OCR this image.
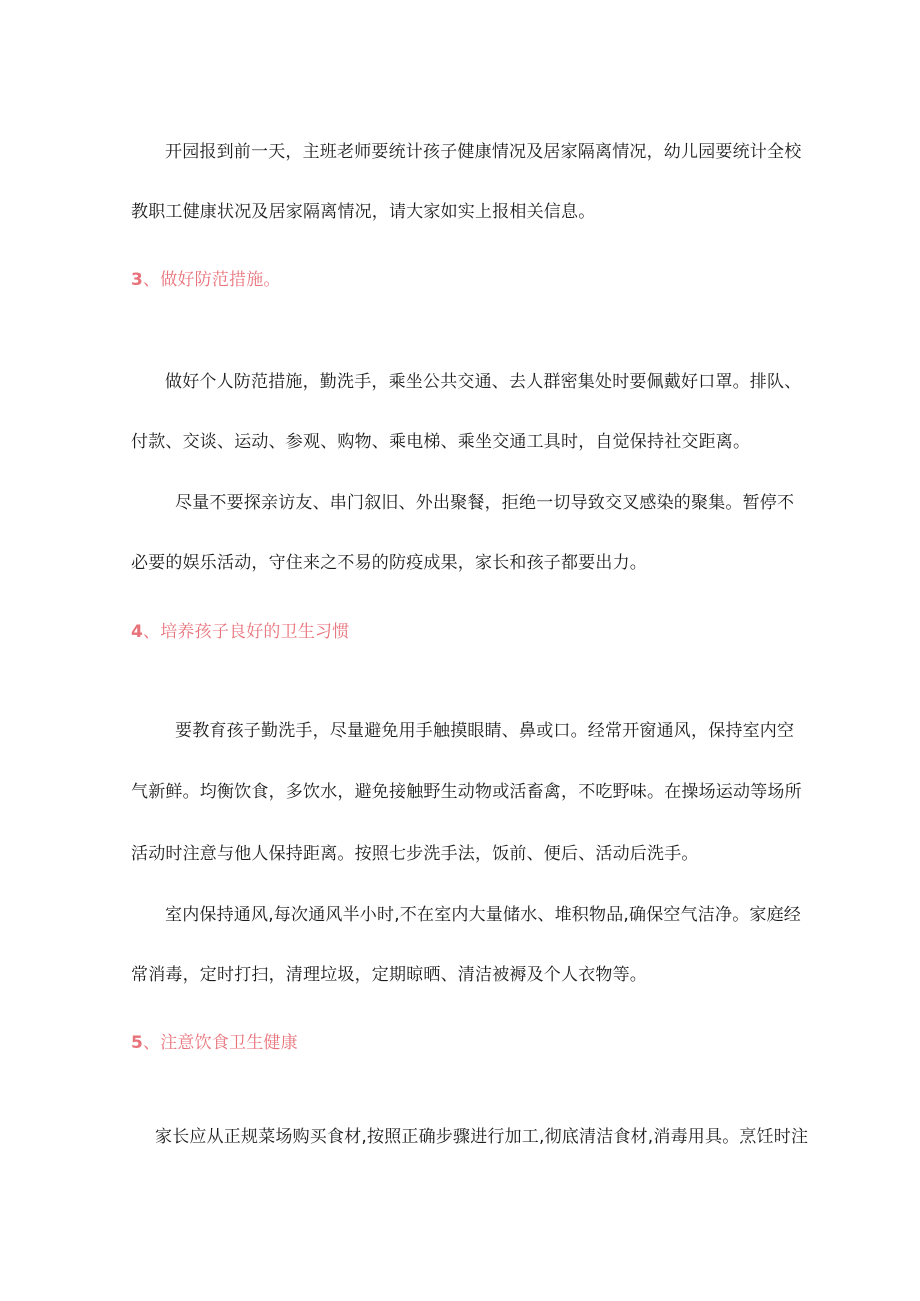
开园报到前一天，主班老师要统计孩子健康情况及居家隔离情况，幼儿园要统计全校
教职工健康状况及居家隔离情况，请大家如实上报相关信息。
3、做好防范措施。
做好个人防范措施，勤洗手，乘坐公共交通、去人群密集处时要佩戴好口罩。排队、
付款、交谈、运动、参观、购物、乘电梯、乘坐交通工具时，自觉保持社交距离。
尽量不要探亲访友、串门叙旧、外出聚餐，拒绝一切导致交叉感染的聚集。暂停不
必要的娱乐活动，守住来之不易的防疫成果，家长和孩子都要出力。
4、培养孩子良好的卫生习惯
要教育孩子勤洗手，尽量避免用手触摸眼睛、鼻或口。经常开窗通风，保持室内空
气新鲜。均衡饮食，多饮水，避免接触野生动物或活畜禽，不吃野味。在操场运动等场所
活动时注意与他人保持距离。按照七步洗手法，饭前、便后、活动后洗手。
室内保持通风,每次通风半小时,不在室内大量储水、堆积物品,确保空气洁净。家庭经
常消毒，定时打扫，清理垃圾，定期晾晒、清洁被褥及个人衣物等。
5、注意饮食卫生健康
家长应从正规菜场购买食材,按照正确步骤进行加工,彻底清洁食材,消毒用具。烹饪时注
